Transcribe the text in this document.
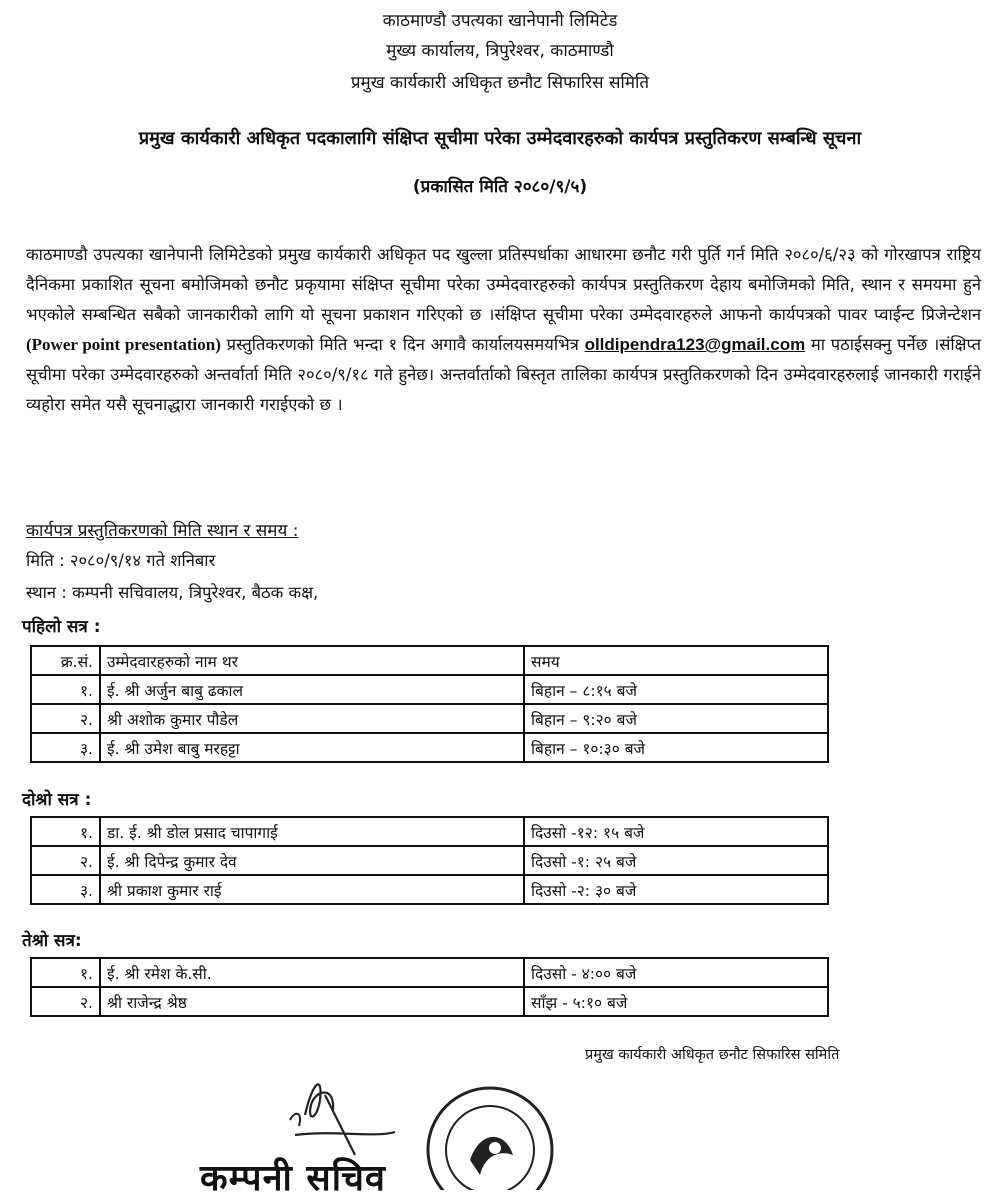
काठमाण्डौ उपत्यका खानेपानी लिमिटेड
मुख्य कार्यालय, त्रिपुरेश्वर, काठमाण्डौ
प्रमुख कार्यकारी अधिकृत छनौट सिफारिस समिति
प्रमुख कार्यकारी अधिकृत पदकालागि संक्षिप्त सूचीमा परेका उम्मेदवारहरुको कार्यपत्र प्रस्तुतिकरण सम्बन्धि सूचना
(प्रकासित मिति २०८०/९/५)
काठमाण्डौ उपत्यका खानेपानी लिमिटेडको प्रमुख कार्यकारी अधिकृत पद खुल्ला प्रतिस्पर्धाका आधारमा छनौट गरी पुर्ति गर्न मिति २०८०/६/२३ को गोरखापत्र राष्ट्रिय दैनिकमा प्रकाशित सूचना बमोजिमको छनौट प्रकृयामा संक्षिप्त सूचीमा परेका उम्मेदवारहरुको कार्यपत्र प्रस्तुतिकरण देहाय बमोजिमको मिति, स्थान र समयमा हुने भएकोले सम्बन्धित सबैको जानकारीको लागि यो सूचना प्रकाशन गरिएको छ ।संक्षिप्त सूचीमा परेका उम्मेदवारहरुले आफनो कार्यपत्रको पावर प्वाईन्ट प्रिजेन्टेशन (Power point presentation) प्रस्तुतिकरणको मिति भन्दा १ दिन अगावै कार्यालयसमयभित्र olldipendra123@gmail.com मा पठाईसक्नु पर्नेछ ।संक्षिप्त सूचीमा परेका उम्मेदवारहरुको अन्तर्वार्ता मिति २०८०/९/१८ गते हुनेछ। अन्तर्वार्ताको बिस्तृत तालिका कार्यपत्र प्रस्तुतिकरणको दिन उम्मेदवारहरुलाई जानकारी गराईने व्यहोरा समेत यसै सूचनाद्धारा जानकारी गराईएको छ ।
कार्यपत्र प्रस्तुतिकरणको मिति स्थान र समय :
मिति : २०८०/९/१४ गते शनिबार
स्थान : कम्पनी सचिवालय, त्रिपुरेश्वर, बैठक कक्ष,
पहिलो सत्र :
क्र.सं.	उम्मेदवारहरुको नाम थर	समय
१.	ई. श्री अर्जुन बाबु ढकाल	बिहान – ८:१५ बजे
२.	श्री अशोक कुमार पौडेल	बिहान – ९:२० बजे
३.	ई. श्री उमेश बाबु मरहट्टा	बिहान – १०:३० बजे
दोश्रो सत्र :
१.	डा. ई. श्री डोल प्रसाद चापागाई	दिउसो -१२: १५ बजे
२.	ई. श्री दिपेन्द्र कुमार देव	दिउसो -१: २५ बजे
३.	श्री प्रकाश कुमार राई	दिउसो -२: ३० बजे
तेश्रो सत्र:
१.	ई. श्री रमेश के.सी.	दिउसो - ४:०० बजे
२.	श्री राजेन्द्र श्रेष्ठ	साँझ - ५:१० बजे
प्रमुख कार्यकारी अधिकृत छनौट सिफारिस समिति
कम्पनी सचिव
